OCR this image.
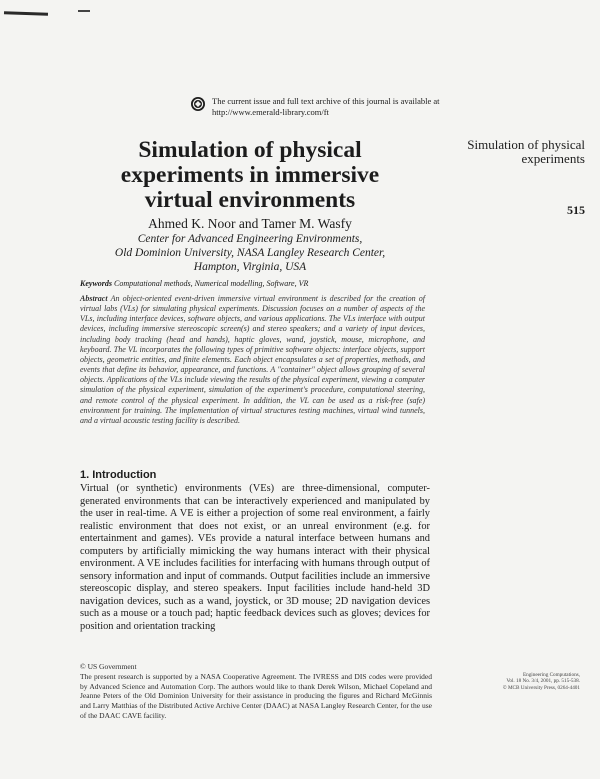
The current issue and full text archive of this journal is available at
http://www.emerald-library.com/ft
Simulation of physical experiments in immersive virtual environments
Ahmed K. Noor and Tamer M. Wasfy
Center for Advanced Engineering Environments,
Old Dominion University, NASA Langley Research Center,
Hampton, Virginia, USA
Simulation of physical experiments
515
Keywords Computational methods, Numerical modelling, Software, VR
Abstract An object-oriented event-driven immersive virtual environment is described for the creation of virtual labs (VLs) for simulating physical experiments. Discussion focuses on a number of aspects of the VLs, including interface devices, software objects, and various applications. The VLs interface with output devices, including immersive stereoscopic screen(s) and stereo speakers; and a variety of input devices, including body tracking (head and hands), haptic gloves, wand, joystick, mouse, microphone, and keyboard. The VL incorporates the following types of primitive software objects: interface objects, support objects, geometric entities, and finite elements. Each object encapsulates a set of properties, methods, and events that define its behavior, appearance, and functions. A "container" object allows grouping of several objects. Applications of the VLs include viewing the results of the physical experiment, viewing a computer simulation of the physical experiment, simulation of the experiment's procedure, computational steering, and remote control of the physical experiment. In addition, the VL can be used as a risk-free (safe) environment for training. The implementation of virtual structures testing machines, virtual wind tunnels, and a virtual acoustic testing facility is described.
1. Introduction
Virtual (or synthetic) environments (VEs) are three-dimensional, computer-generated environments that can be interactively experienced and manipulated by the user in real-time. A VE is either a projection of some real environment, a fairly realistic environment that does not exist, or an unreal environment (e.g. for entertainment and games). VEs provide a natural interface between humans and computers by artificially mimicking the way humans interact with their physical environment. A VE includes facilities for interfacing with humans through output of sensory information and input of commands. Output facilities include an immersive stereoscopic display, and stereo speakers. Input facilities include hand-held 3D navigation devices, such as a wand, joystick, or 3D mouse; 2D navigation devices such as a mouse or a touch pad; haptic feedback devices such as gloves; devices for position and orientation tracking
© US Government
The present research is supported by a NASA Cooperative Agreement. The IVRESS and DIS codes were provided by Advanced Science and Automation Corp. The authors would like to thank Derek Wilson, Michael Copeland and Jeanne Peters of the Old Dominion University for their assistance in producing the figures and Richard McGinnis and Larry Matthias of the Distributed Active Archive Center (DAAC) at NASA Langley Research Center, for the use of the DAAC CAVE facility.

Engineering Computations,

Vol. 18 No. 3/4, 2001, pp. 515-538.

© MCB University Press, 0264-4401
